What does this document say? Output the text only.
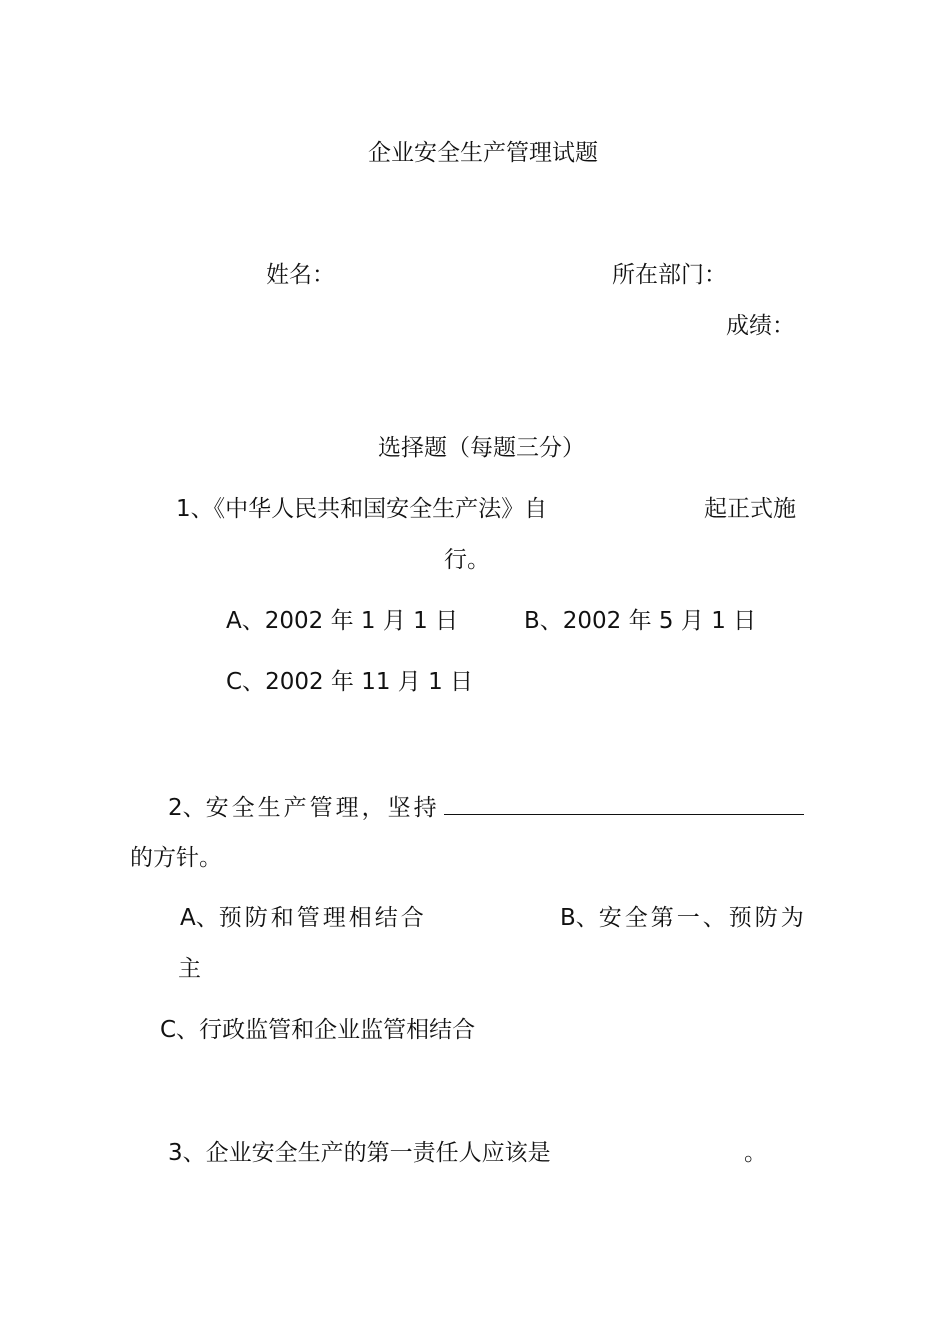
企业安全生产管理试题
姓名：	所在部门：
成绩：
选择题（每题三分）
1、《中华人民共和国安全生产法》自	起正式施
行。
A、2002 年 1 月 1 日	B、2002 年 5 月 1 日
C、2002 年 11 月 1 日
2、安全生产管理，坚持
的方针。
A、预防和管理相结合	B、安全第一、预防为
主
C、行政监管和企业监管相结合
3、企业安全生产的第一责任人应该是	。
